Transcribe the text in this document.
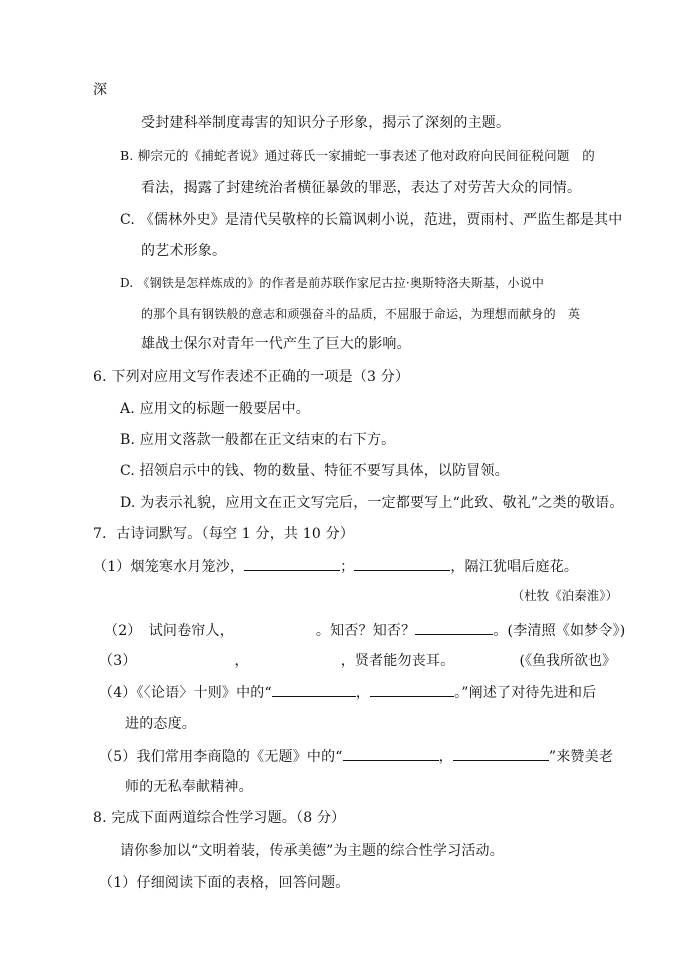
深
受封建科举制度毒害的知识分子形象，揭示了深刻的主题。
B. 柳宗元的《捕蛇者说》通过蒋氏一家捕蛇一事表述了他对政府向民间征税问题　的
看法，揭露了封建统治者横征暴敛的罪恶，表达了对劳苦大众的同情。
C. 《儒林外史》是清代吴敬梓的长篇讽刺小说，范进，贾雨村、严监生都是其中
的艺术形象。
D. 《钢铁是怎样炼成的》的作者是前苏联作家尼古拉·奥斯特洛夫斯基，小说中
的那个具有钢铁般的意志和顽强奋斗的品质，不屈服于命运，为理想而献身的　英
雄战士保尔对青年一代产生了巨大的影响。
6. 下列对应用文写作表述不正确的一项是（3 分）
A. 应用文的标题一般要居中。
B. 应用文落款一般都在正文结束的右下方。
C. 招领启示中的钱、物的数量、特征不要写具体，以防冒领。
D. 为表示礼貌，应用文在正文写完后，一定都要写上“此致、敬礼”之类的敬语。
7．古诗词默写。（每空 1 分，共 10 分）
（1）烟笼寒水月笼沙，	；	，隔江犹唱后庭花。
（杜牧《泊秦淮》）
（2）　试问卷帘人，	。知否？知否？	。(李清照《如梦令》)
（3）	，	，贤者能勿丧耳。	(《鱼我所欲也》
（4）《〈论语〉十则》中的“	，	。”阐述了对待先进和后
进的态度。
（5）我们常用李商隐的《无题》中的“	，	”来赞美老
师的无私奉献精神。
8. 完成下面两道综合性学习题。（8 分）
请你参加以“文明着装，传承美德”为主题的综合性学习活动。
（1）仔细阅读下面的表格，回答问题。
